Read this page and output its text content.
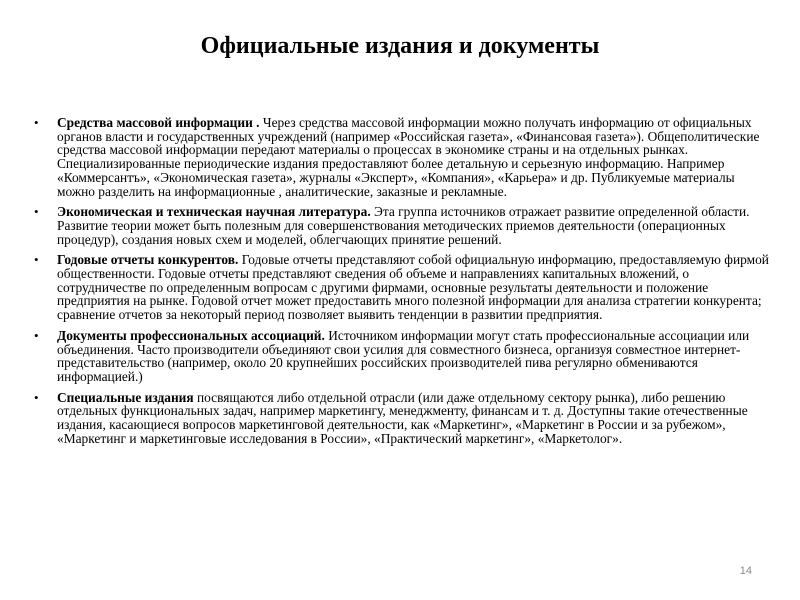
Официальные издания и документы
• Средства массовой информации . Через средства массовой информации можно получать информацию от официальных органов власти и государственных учреждений (например «Российская газета», «Финансовая газета»). Общеполитические средства массовой информации передают материалы о процессах в экономике страны и на отдельных рынках. Специализированные периодические издания предоставляют более детальную и серьезную информацию. Например «Коммерсантъ», «Экономическая газета», журналы «Эксперт», «Компания», «Карьера» и др. Публикуемые материалы можно разделить на информационные , аналитические, заказные и рекламные.
• Экономическая и техническая научная литература. Эта группа источников отражает развитие определенной области. Развитие теории может быть полезным для совершенствования методических приемов деятельности (операционных процедур), создания новых схем и моделей, облегчающих принятие решений.
• Годовые отчеты конкурентов. Годовые отчеты представляют собой официальную информацию, предоставляемую фирмой общественности. Годовые отчеты представляют сведения об объеме и направлениях капитальных вложений, о сотрудничестве по определенным вопросам с другими фирмами, основные результаты деятельности и положение предприятия на рынке. Годовой отчет может предоставить много полезной информации для анализа стратегии конкурента; сравнение отчетов за некоторый период позволяет выявить тенденции в развитии предприятия.
• Документы профессиональных ассоциаций. Источником информации могут стать профессиональные ассоциации или объединения. Часто производители объединяют свои усилия для совместного бизнеса, организуя совместное интернет-представительство (например, около 20 крупнейших российских производителей пива регулярно обмениваются информацией.)
• Специальные издания посвящаются либо отдельной отрасли (или даже отдельному сектору рынка), либо решению отдельных функциональных задач, например маркетингу, менеджменту, финансам и т. д. Доступны такие отечественные издания, касающиеся вопросов маркетинговой деятельности, как «Маркетинг», «Маркетинг в России и за рубежом», «Маркетинг и маркетинговые исследования в России», «Практический маркетинг», «Маркетолог».
14
